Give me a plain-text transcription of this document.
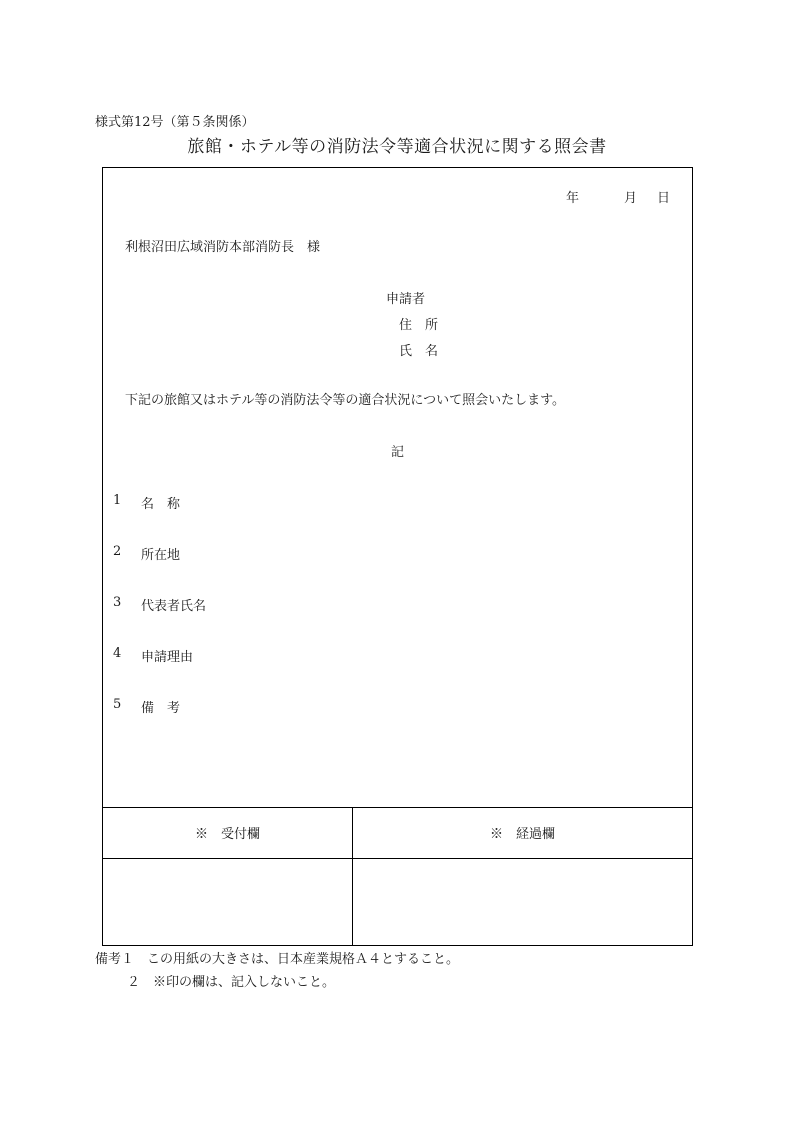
様式第12号（第５条関係）
旅館・ホテル等の消防法令等適合状況に関する照会書
年	月 日
利根沼田広域消防本部消防長　様
申請者
住　所
氏　名
下記の旅館又はホテル等の消防法令等の適合状況について照会いたします。
記
1 名　称
2 所在地
3 代表者氏名
4 申請理由
5 備　考
※　受付欄	※　経過欄
備考１　この用紙の大きさは、日本産業規格Ａ４とすること。
２　※印の欄は、記入しないこと。
